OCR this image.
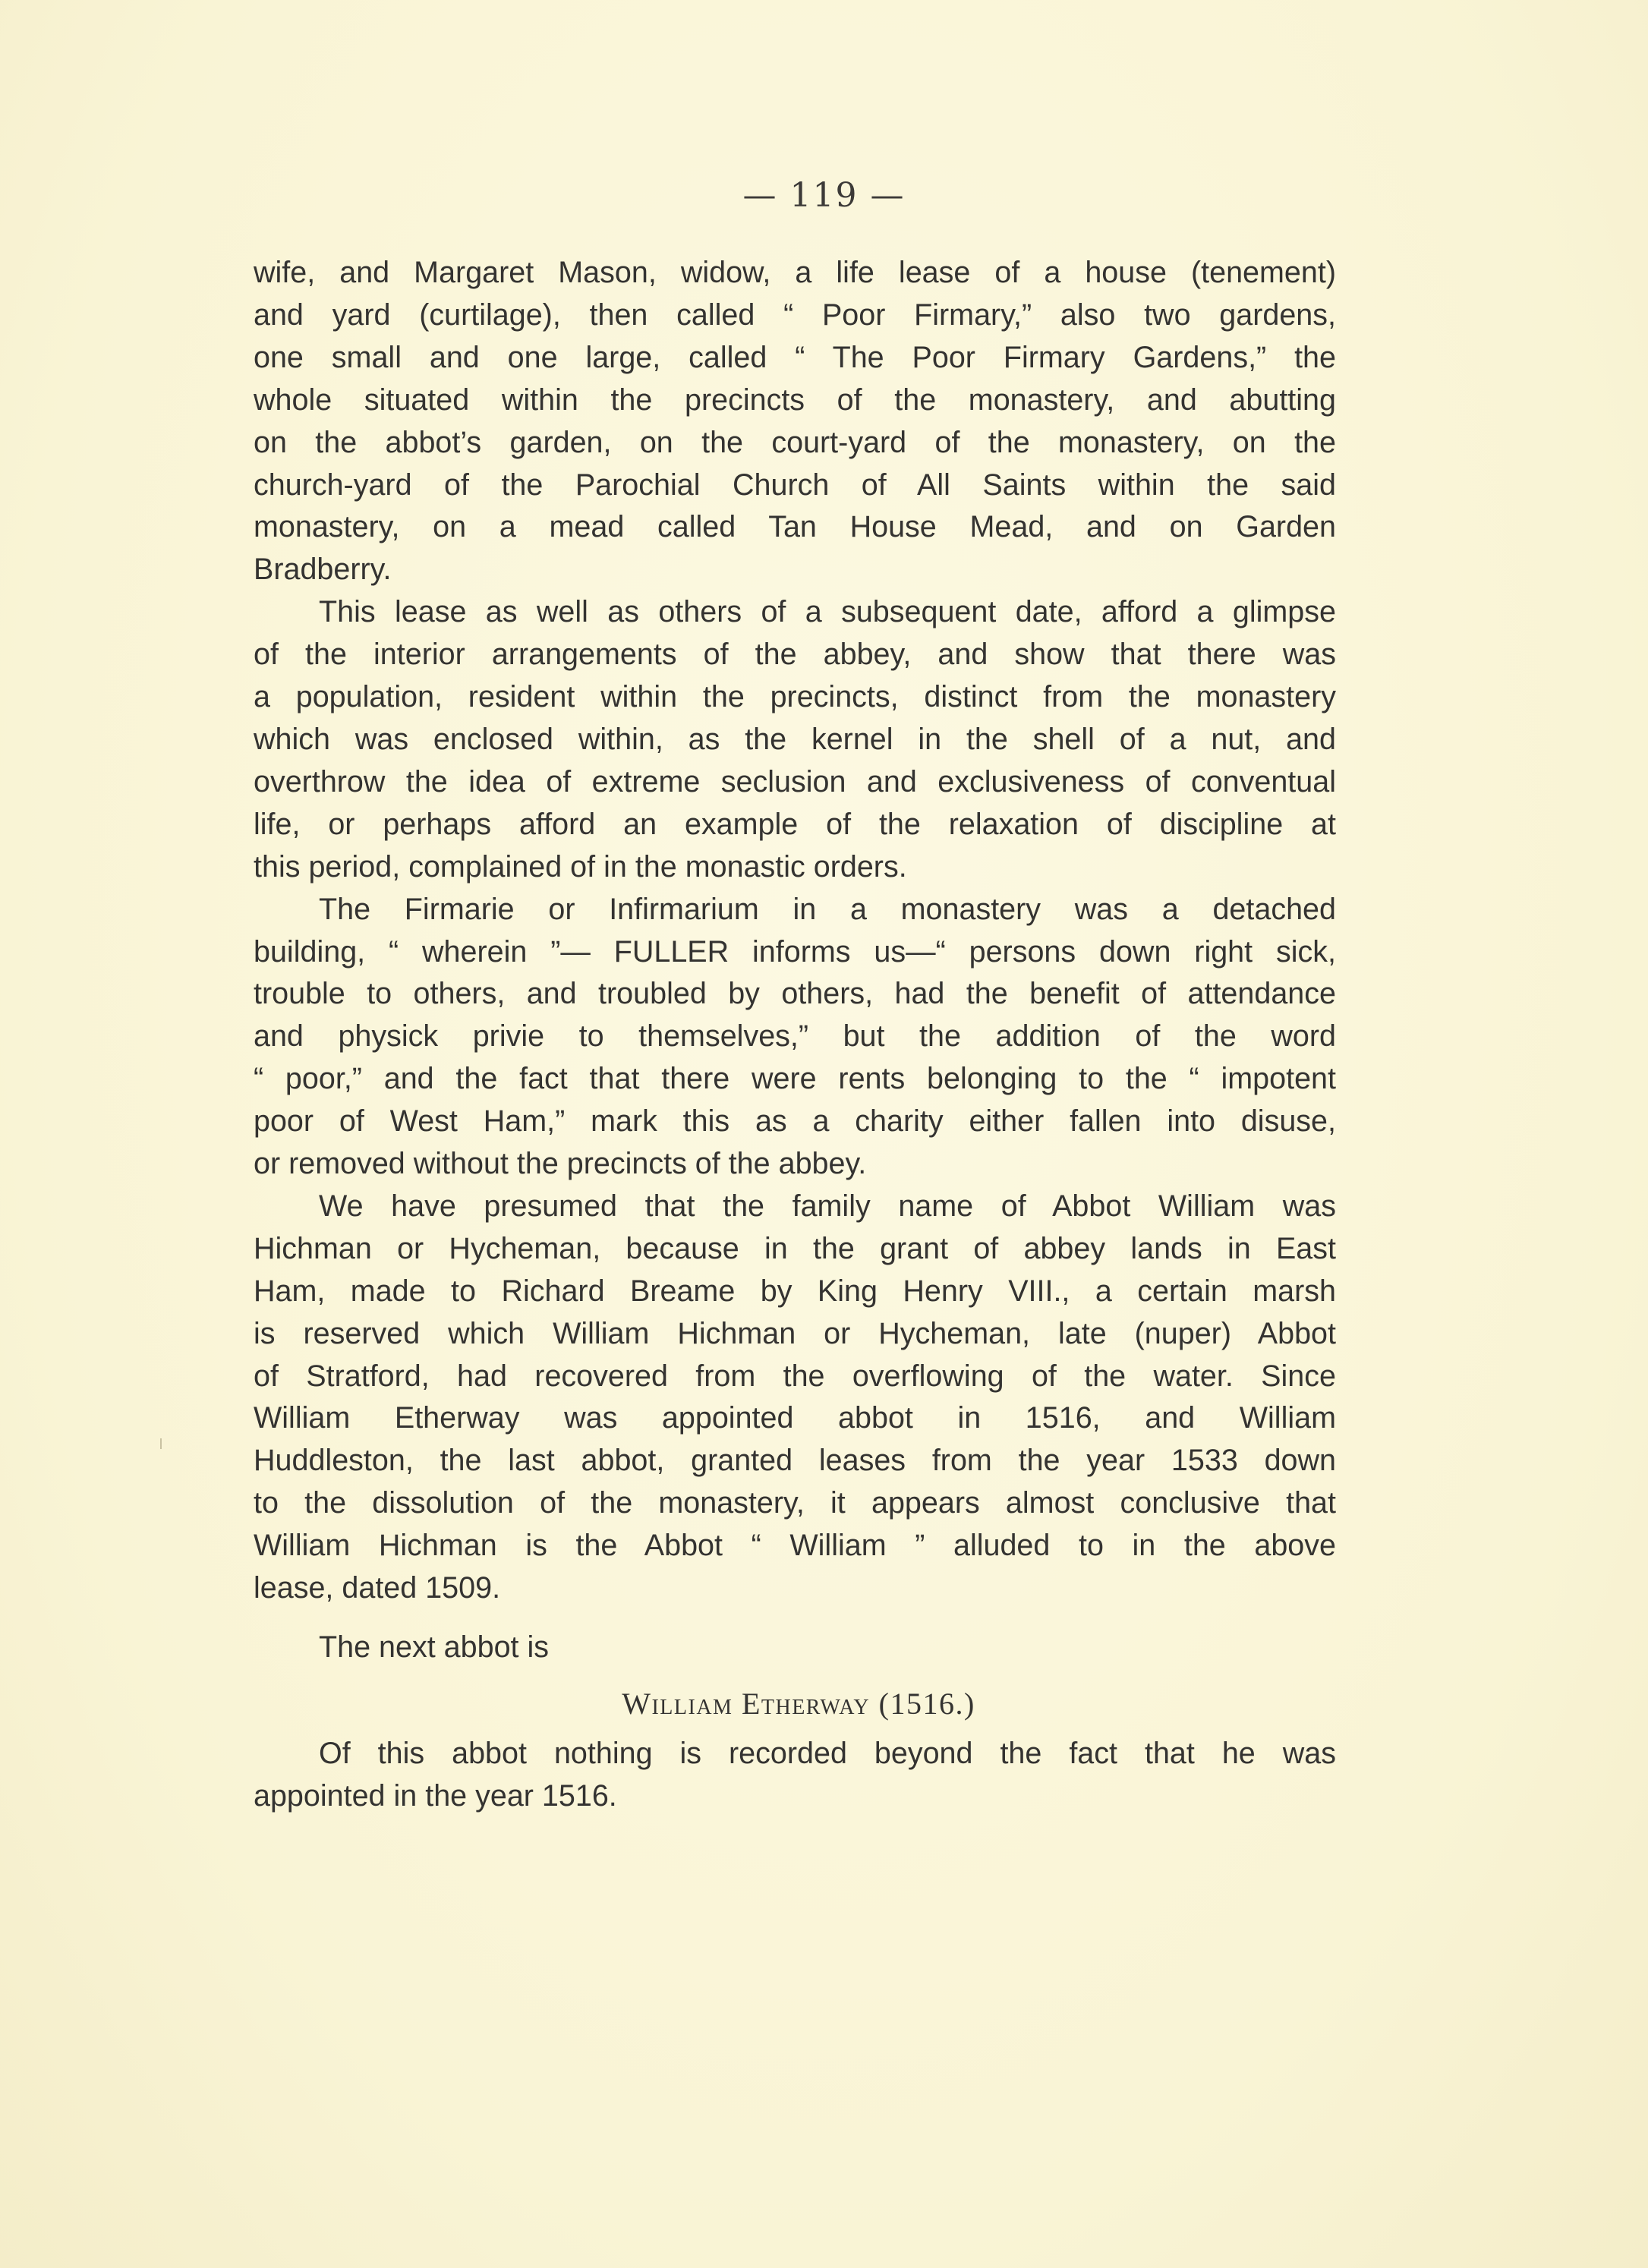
— 119 —
wife, and Margaret Mason, widow, a life lease of a house (tenement)
and yard (curtilage), then called “ Poor Firmary,” also two gardens,
one small and one large, called “ The Poor Firmary Gardens,” the
whole situated within the precincts of the monastery, and abutting
on the abbot’s garden, on the court-yard of the monastery, on the
church-yard of the Parochial Church of All Saints within the said
monastery, on a mead called Tan House Mead, and on Garden
Bradberry.
This lease as well as others of a subsequent date, afford a glimpse
of the interior arrangements of the abbey, and show that there was
a population, resident within the precincts, distinct from the monastery
which was enclosed within, as the kernel in the shell of a nut, and
overthrow the idea of extreme seclusion and exclusiveness of conventual
life, or perhaps afford an example of the relaxation of discipline at
this period, complained of in the monastic orders.
The Firmarie or Infirmarium in a monastery was a detached
building, “ wherein ”— FULLER informs us—“ persons down right sick,
trouble to others, and troubled by others, had the benefit of attendance
and physick privie to themselves,” but the addition of the word
“ poor,” and the fact that there were rents belonging to the “ impotent
poor of West Ham,” mark this as a charity either fallen into disuse,
or removed without the precincts of the abbey.
We have presumed that the family name of Abbot William was
Hichman or Hycheman, because in the grant of abbey lands in East
Ham, made to Richard Breame by King Henry VIII., a certain marsh
is reserved which William Hichman or Hycheman, late (nuper) Abbot
of Stratford, had recovered from the overflowing of the water. Since
William Etherway was appointed abbot in 1516, and William
Huddleston, the last abbot, granted leases from the year 1533 down
to the dissolution of the monastery, it appears almost conclusive that
William Hichman is the Abbot “ William ” alluded to in the above
lease, dated 1509.
The next abbot is
William Etherway (1516.)
Of this abbot nothing is recorded beyond the fact that he was
appointed in the year 1516.
